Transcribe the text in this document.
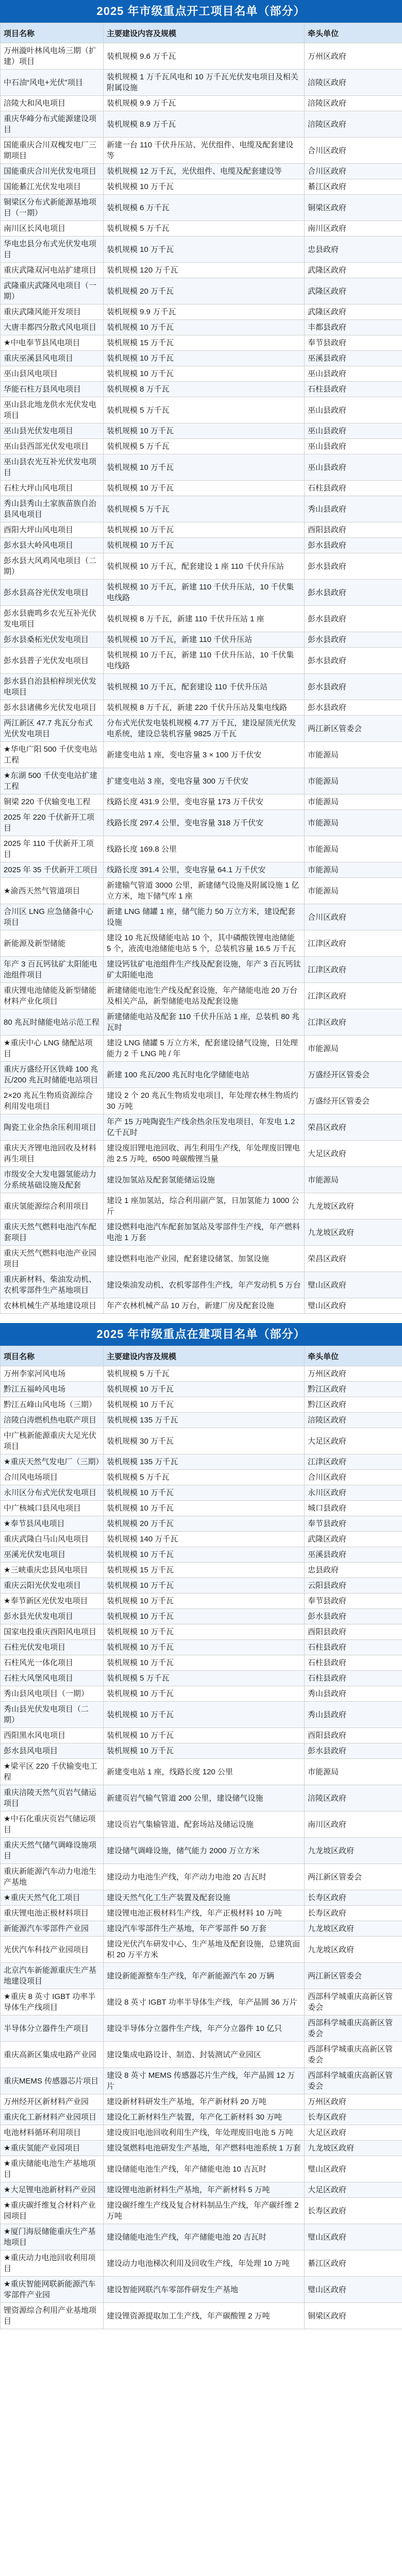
2025 年市级重点开工项目名单（部分）
项目名称	主要建设内容及规模	牵头单位
万州漩叶林风电场三期（扩建）项目	装机规模 9.6 万千瓦	万州区政府
中石油“风电+光伏”项目	装机规模 1 万千瓦风电和 10 万千瓦光伏发电项目及相关附属设施	涪陵区政府
涪陵大和风电项目	装机规模 9.9 万千瓦	涪陵区政府
重庆华峰分布式能源建设项目	装机规模 8.9 万千瓦	涪陵区政府
国能重庆合川双槐发电厂三期项目	新建一台 110 千伏升压站、光伏组件、电缆及配套建设等	合川区政府
国能重庆合川光伏发电项目	装机规模 12 万千瓦，光伏组件、电缆及配套建设等	合川区政府
国能綦江光伏发电项目	装机规模 10 万千瓦	綦江区政府
铜梁区分布式新能源基地项目（一期）	装机规模 6 万千瓦	铜梁区政府
南川区长风电项目	装机规模 5 万千瓦	南川区政府
华电忠县分布式光伏发电项目	装机规模 10 万千瓦	忠县政府
重庆武隆双河电站扩建项目	装机规模 120 万千瓦	武隆区政府
武隆重庆武隆风电项目（一期）	装机规模 20 万千瓦	武隆区政府
重庆武隆风能开发项目	装机规模 9.9 万千瓦	武隆区政府
大唐丰都四分散式风电项目	装机规模 10 万千瓦	丰都县政府
★中电奉节县风电项目	装机规模 15 万千瓦	奉节县政府
重庆巫溪县风电项目	装机规模 10 万千瓦	巫溪县政府
巫山县风电项目	装机规模 10 万千瓦	巫山县政府
华能石柱万县风电项目	装机规模 8 万千瓦	石柱县政府
巫山县北地龙供水光伏发电项目	装机规模 5 万千瓦	巫山县政府
巫山县光伏发电项目	装机规模 10 万千瓦	巫山县政府
巫山县西部光伏发电项目	装机规模 5 万千瓦	巫山县政府
巫山县农光互补光伏发电项目	装机规模 10 万千瓦	巫山县政府
石柱大坪山风电项目	装机规模 10 万千瓦	石柱县政府
秀山县秀山土家族苗族自治县风电项目	装机规模 5 万千瓦	秀山县政府
酉阳大坪山风电项目	装机规模 10 万千瓦	酉阳县政府
彭水县大岭风电项目	装机规模 10 万千瓦	彭水县政府
彭水县大风鸡风电项目（二期）	装机规模 10 万千瓦，配套建设 1 座 110 千伏升压站	彭水县政府
彭水县高谷光伏发电项目	装机规模 10 万千瓦，新建 110 千伏升压站，10 千伏集电线路	彭水县政府
彭水县鹿鸣乡农光互补光伏发电项目	装机规模 8 万千瓦，新建 110 千伏升压站 1 座	彭水县政府
彭水县桑柘光伏发电项目	装机规模 10 万千瓦，新建 110 千伏升压站	彭水县政府
彭水县普子光伏发电项目	装机规模 10 万千瓦，新建 110 千伏升压站，10 千伏集电线路	彭水县政府
彭水县自治县柏梓坝光伏发电项目	装机规模 10 万千瓦，配套建设 110 千伏升压站	彭水县政府
彭水县诸佛乡光伏发电项目	装机规模 8 万千瓦，新建 220 千伏升压站及集电线路	彭水县政府
两江新区 47.7 兆瓦分布式光伏发电项目	分布式光伏发电装机规模 4.77 万千瓦，建设屋顶光伏发电系统，建设总装机容量 9825 万千瓦	两江新区管委会
★华电广阳 500 千伏变电站工程	新建变电站 1 座，变电容量 3 × 100 万千伏安	市能源局
★东湖 500 千伏变电站扩建工程	扩建变电站 3 座，变电容量 300 万千伏安	市能源局
铜梁 220 千伏输变电工程	线路长度 431.9 公里，变电容量 173 万千伏安	市能源局
2025 年 220 千伏新开工项目	线路长度 297.4 公里，变电容量 318 万千伏安	市能源局
2025 年 110 千伏新开工项目	线路长度 169.8 公里	市能源局
2025 年 35 千伏新开工项目	线路长度 391.4 公里，变电容量 64.1 万千伏安	市能源局
★渝西天然气管道项目	新建输气管道 3000 公里，新建储气设施及附属设施 1 亿立方米，地下储气库 1 座	市能源局
合川区 LNG 应急储备中心项目	新建 LNG 储罐 1 座，储气能力 50 万立方米，建设配套设施	合川区政府
新能源及新型储能	建设 10 兆瓦级储能电站 10 个，其中磷酸铁锂电池储能 5 个，液流电池储能电站 5 个，总装机容量 16.5 万千瓦	江津区政府
年产 3 百瓦钙钛矿太阳能电池组件项目	建设钙钛矿电池组件生产线及配套设施，年产 3 百瓦钙钛矿太阳能电池	江津区政府
重庆锂电池储能及新型储能材料产业化项目	新建储能电池生产线及配套设施，年产储能电池 20 万台及相关产品，新型储能电站及配套设施	江津区政府
80 兆瓦时储能电站示范工程	新建储能电站及配套 110 千伏升压站 1 座，总装机 80 兆瓦时	江津区政府
★重庆中心 LNG 储配站项目	建设 LNG 储罐 5 万立方米，配套建设储气设施，日处理能力 2 千 LNG 吨 / 年	市能源局
重庆万盛经开区铁峰 100 兆瓦/200 兆瓦时储能电站项目	新建 100 兆瓦/200 兆瓦时电化学储能电站	万盛经开区管委会
2×20 兆瓦生物质资源综合利用发电项目	建设 2 个 20 兆瓦生物质发电项目，年处理农林生物质约 30 万吨	万盛经开区管委会
陶瓷工业余热余压利用项目	年产 15 万吨陶瓷生产线余热余压发电项目，年发电 1.2 亿千瓦时	荣昌区政府
重庆天齐锂电池回收及材料再生项目	建设废旧锂电池回收、再生利用生产线，年处理废旧锂电池 2.5 万吨，6500 吨碳酸锂当量	大足区政府
市级安全大发电器氢能动力分系统基础设施及配套	建设加氢站及配套氢能储运设施	市能源局
重庆氢能源综合利用项目	建设 1 座加氢站，综合利用副产氢，日加氢能力 1000 公斤	九龙坡区政府
重庆天然气燃料电池汽车配套项目	建设燃料电池汽车配套加氢站及零部件生产线，年产燃料电池 1 万套	九龙坡区政府
重庆天然气燃料电池产业园项目	建设燃料电池产业园，配套建设储氢、加氢设施	荣昌区政府
重庆新材料、柴油发动机、农机零部件生产基地项目	建设柴油发动机、农机零部件生产线，年产发动机 5 万台	璧山区政府
农林机械生产基地建设项目	年产农林机械产品 10 万台，新建厂房及配套设施	璧山区政府
2025 年市级重点在建项目名单（部分）
项目名称	主要建设内容及规模	牵头单位
万州李家河风电场	装机规模 5 万千瓦	万州区政府
黔江五福岭风电场	装机规模 10 万千瓦	黔江区政府
黔江五峰山风电场（三期）	装机规模 10 万千瓦	黔江区政府
涪陵白涛燃机热电联产项目	装机规模 135 万千瓦	涪陵区政府
中广核新能源重庆大足光伏项目	装机规模 30 万千瓦	大足区政府
★重庆天然气发电厂（三期）	装机规模 135 万千瓦	江津区政府
合川风电场项目	装机规模 5 万千瓦	合川区政府
永川区分布式光伏发电项目	装机规模 10 万千瓦	永川区政府
中广核城口县风电项目	装机规模 10 万千瓦	城口县政府
★奉节县风电项目	装机规模 20 万千瓦	奉节县政府
重庆武隆白马山风电项目	装机规模 140 万千瓦	武隆区政府
巫溪光伏发电项目	装机规模 10 万千瓦	巫溪县政府
★三峡重庆忠县风电项目	装机规模 15 万千瓦	忠县政府
重庆云阳光伏发电项目	装机规模 10 万千瓦	云阳县政府
★奉节新区光伏发电项目	装机规模 10 万千瓦	奉节县政府
彭水县光伏发电项目	装机规模 10 万千瓦	彭水县政府
国家电投重庆酉阳风电项目	装机规模 10 万千瓦	酉阳县政府
石柱光伏发电项目	装机规模 10 万千瓦	石柱县政府
石柱风光一体化项目	装机规模 10 万千瓦	石柱县政府
石柱大风堡风电项目	装机规模 5 万千瓦	石柱县政府
秀山县风电项目（一期）	装机规模 10 万千瓦	秀山县政府
秀山县光伏发电项目（二期）	装机规模 10 万千瓦	秀山县政府
西阳黑水风电项目	装机规模 10 万千瓦	酉阳县政府
彭水县风电项目	装机规模 10 万千瓦	彭水县政府
★梁平区 220 千伏输变电工程	新建变电站 1 座，线路长度 120 公里	市能源局
重庆涪陵天然气页岩气储运项目	新建页岩气输气管道 200 公里，建设储气设施	涪陵区政府
★中石化重庆页岩气储运项目	建设页岩气集输管道、配套场站及储运设施	南川区政府
重庆天然气储气调峰设施项目	建设储气调峰设施，储气能力 2000 万立方米	九龙坡区政府
重庆新能源汽车动力电池生产基地	建设动力电池生产线，年产动力电池 20 吉瓦时	两江新区管委会
★重庆天然气化工项目	建设天然气化工生产装置及配套设施	长寿区政府
重庆锂电池正极材料项目	建设锂电池正极材料生产线，年产正极材料 10 万吨	长寿区政府
新能源汽车零部件产业园	建设汽车零部件生产基地，年产零部件 50 万套	九龙坡区政府
光伏汽车科技产业园项目	建设光伏汽车研发中心、生产基地及配套设施，总建筑面积 20 万平方米	九龙坡区政府
北京汽车新能源重庆生产基地建设项目	建设新能源整车生产线，年产新能源汽车 20 万辆	两江新区管委会
★重庆 8 英寸 IGBT 功率半导体生产线项目	建设 8 英寸 IGBT 功率半导体生产线，年产晶圆 36 万片	西部科学城重庆高新区管委会
半导体分立器件生产项目	建设半导体分立器件生产线，年产分立器件 10 亿只	西部科学城重庆高新区管委会
重庆高新区集成电路产业园	建设集成电路设计、制造、封装测试产业园区	西部科学城重庆高新区管委会
重庆MEMS 传感器芯片项目	建设 8 英寸 MEMS 传感器芯片生产线，年产晶圆 12 万片	西部科学城重庆高新区管委会
万州经开区新材料产业园	建设新材料研发生产基地，年产新材料 20 万吨	万州区政府
重庆化工新材料产业园项目	建设化工新材料生产装置，年产化工新材料 30 万吨	长寿区政府
电池材料循环利用项目	建设废旧电池回收利用生产线，年处理废旧电池 5 万吨	大足区政府
★重庆氢能产业园项目	建设氢燃料电池研发生产基地，年产燃料电池系统 1 万套	九龙坡区政府
★重庆储能电池生产基地项目	建设储能电池生产线，年产储能电池 10 吉瓦时	璧山区政府
★大足锂电池新材料产业园	建设锂电池新材料生产基地，年产新材料 5 万吨	大足区政府
★重庆碳纤维复合材料产业园项目	建设碳纤维生产线及复合材料制品生产线，年产碳纤维 2 万吨	长寿区政府
★厦门海辰储能重庆生产基地项目	建设储能电池生产线，年产储能电池 20 吉瓦时	璧山区政府
★重庆动力电池回收利用项目	建设动力电池梯次利用及回收生产线，年处理 10 万吨	綦江区政府
★重庆智能网联新能源汽车零部件产业园	建设智能网联汽车零部件研发生产基地	璧山区政府
锂资源综合利用产业基地项目	建设锂资源提取加工生产线，年产碳酸锂 2 万吨	铜梁区政府
